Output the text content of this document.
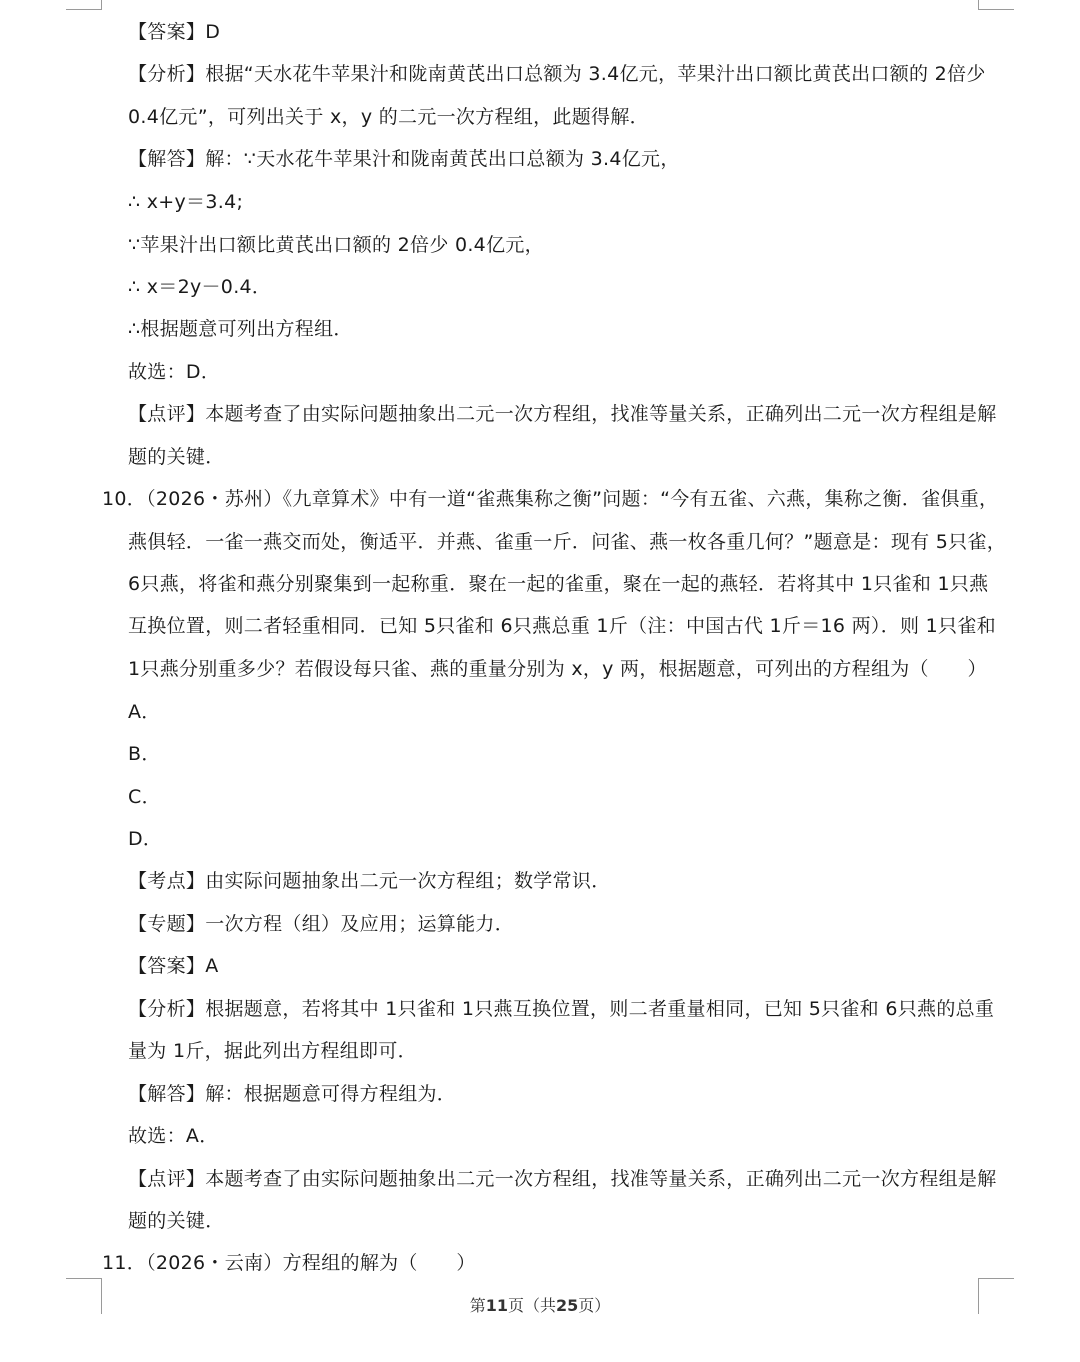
【答案】D
【分析】根据“天水花牛苹果汁和陇南黄芪出口总额为 3.4亿元，苹果汁出口额比黄芪出口额的 2倍少
0.4亿元”，可列出关于 x，y 的二元一次方程组，此题得解．
【解答】解：∵天水花牛苹果汁和陇南黄芪出口总额为 3.4亿元，
∴ x+y＝3.4;
∵苹果汁出口额比黄芪出口额的 2倍少 0.4亿元，
∴ x＝2y－0.4．
∴根据题意可列出方程组．
故选：D．
【点评】本题考查了由实际问题抽象出二元一次方程组，找准等量关系，正确列出二元一次方程组是解
题的关键．
10．（2026・苏州）《九章算术》中有一道“雀燕集称之衡”问题：“今有五雀、六燕，集称之衡．雀俱重，
燕俱轻．一雀一燕交而处，衡适平．并燕、雀重一斤．问雀、燕一枚各重几何？”题意是：现有 5只雀，
6只燕，将雀和燕分别聚集到一起称重．聚在一起的雀重，聚在一起的燕轻．若将其中 1只雀和 1只燕
互换位置，则二者轻重相同．已知 5只雀和 6只燕总重 1斤（注：中国古代 1斤＝16 两）．则 1只雀和
1只燕分别重多少？若假设每只雀、燕的重量分别为 x，y 两，根据题意，可列出的方程组为（　　）
A．
B．
C．
D．
【考点】由实际问题抽象出二元一次方程组；数学常识．
【专题】一次方程（组）及应用；运算能力．
【答案】A
【分析】根据题意，若将其中 1只雀和 1只燕互换位置，则二者重量相同，已知 5只雀和 6只燕的总重
量为 1斤，据此列出方程组即可．
【解答】解：根据题意可得方程组为．
故选：A．
【点评】本题考查了由实际问题抽象出二元一次方程组，找准等量关系，正确列出二元一次方程组是解
题的关键．
11．（2026・云南）方程组的解为（　　）
第11页（共25页）
